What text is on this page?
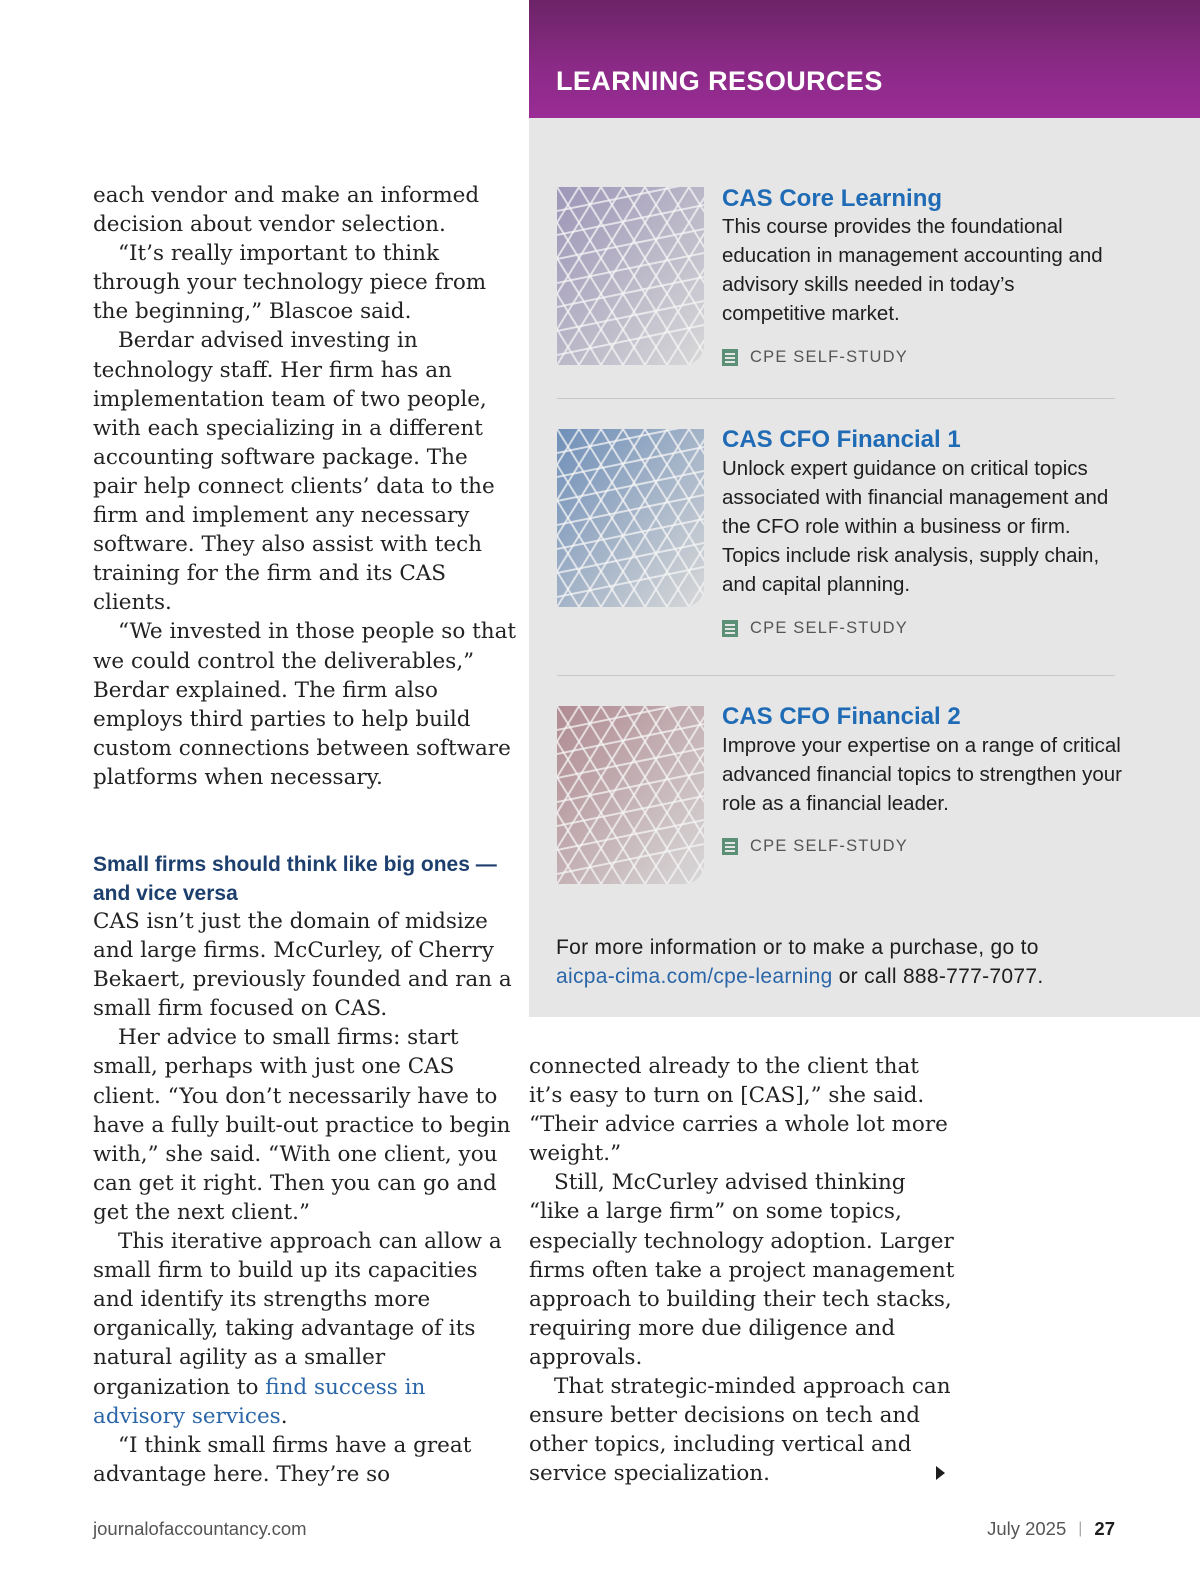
each vendor and make an informed decision about vendor selection.

“It’s really important to think through your technology piece from the beginning,” Blascoe said.

Berdar advised investing in technology staff. Her firm has an implementation team of two people, with each specializing in a different accounting software package. The pair help connect clients’ data to the firm and implement any necessary software. They also assist with tech training for the firm and its CAS clients.

“We invested in those people so that we could control the deliverables,” Berdar explained. The firm also employs third parties to help build custom connections between software platforms when necessary.

Small firms should think like big ones — and vice versa

CAS isn’t just the domain of midsize and large firms. McCurley, of Cherry Bekaert, previously founded and ran a small firm focused on CAS.

Her advice to small firms: start small, perhaps with just one CAS client. “You don’t necessarily have to have a fully built-out practice to begin with,” she said. “With one client, you can get it right. Then you can go and get the next client.”

This iterative approach can allow a small firm to build up its capacities and identify its strengths more organically, taking advantage of its natural agility as a smaller organization to find success in advisory services.

“I think small firms have a great advantage here. They’re so

LEARNING RESOURCES
CAS Core Learning
This course provides the foundational education in management accounting and advisory skills needed in today’s competitive market.
CPE SELF-STUDY
CAS CFO Financial 1
Unlock expert guidance on critical topics associated with financial management and the CFO role within a business or firm. Topics include risk analysis, supply chain, and capital planning.
CPE SELF-STUDY
CAS CFO Financial 2
Improve your expertise on a range of critical advanced financial topics to strengthen your role as a financial leader.
CPE SELF-STUDY
For more information or to make a purchase, go to
aicpa-cima.com/cpe-learning or call 888-777-7077.

connected already to the client that it’s easy to turn on [CAS],” she said. “Their advice carries a whole lot more weight.”

Still, McCurley advised thinking “like a large firm” on some topics, especially technology adoption. Larger firms often take a project management approach to building their tech stacks, requiring more due diligence and approvals.

That strategic-minded approach can ensure better decisions on tech and other topics, including vertical and service specialization.

journalofaccountancy.com	July 2025 | 27
